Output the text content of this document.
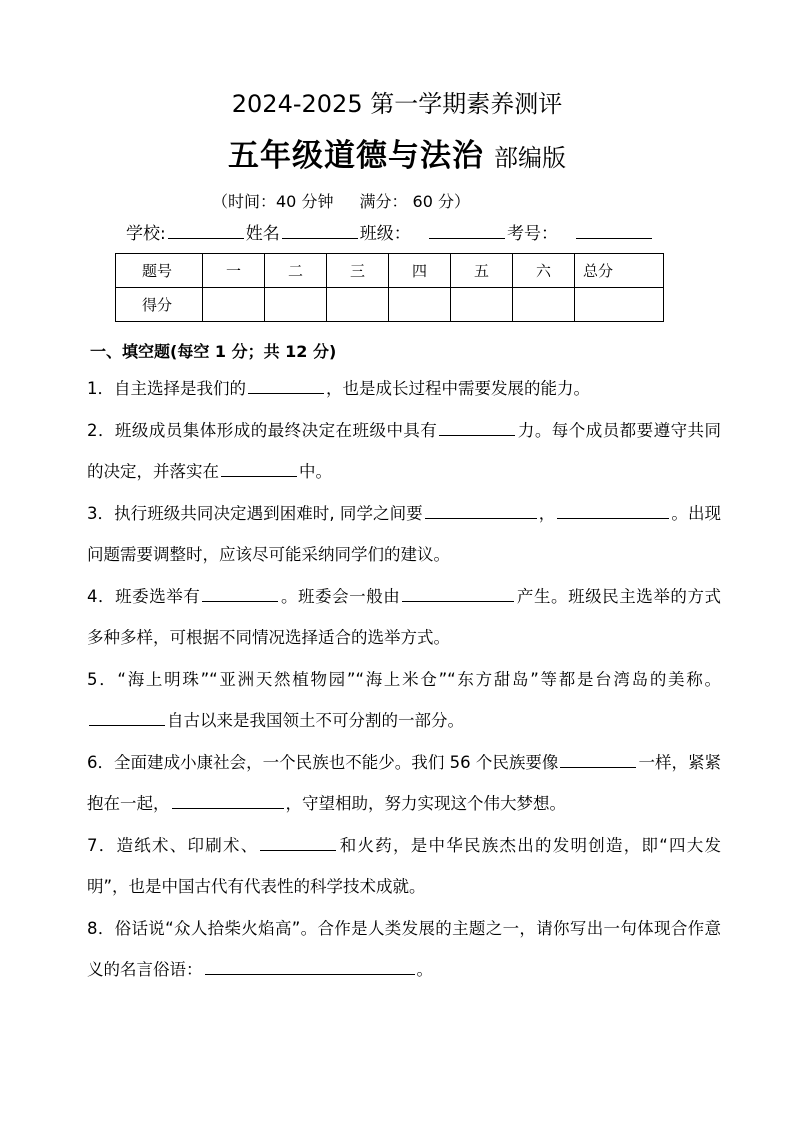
2024-2025 第一学期素养测评
五年级道德与法治 部编版
（时间：40 分钟 满分： 60 分）
学校:	姓名	班级：	考号：
题号	一	二	三	四	五	六	总分
得分							
一、填空题(每空 1 分；共 12 分)
1．自主选择是我们的	，也是成长过程中需要发展的能力。
2．班级成员集体形成的最终决定在班级中具有	力。每个成员都要遵守共同的决定，并落实在	中。
3．执行班级共同决定遇到困难时, 同学之间要	，	。出现问题需要调整时，应该尽可能采纳同学们的建议。
4．班委选举有	。班委会一般由	产生。班级民主选举的方式多种多样，可根据不同情况选择适合的选举方式。
5．“海上明珠”“亚洲天然植物园”“海上米仓”“东方甜岛”等都是台湾岛的美称。自古以来是我国领土不可分割的一部分。
6．全面建成小康社会，一个民族也不能少。我们 56 个民族要像	一样，紧紧抱在一起，	，守望相助，努力实现这个伟大梦想。
7．造纸术、印刷术、	和火药，是中华民族杰出的发明创造，即“四大发明”，也是中国古代有代表性的科学技术成就。
8．俗话说“众人拾柴火焰高”。合作是人类发展的主题之一，请你写出一句体现合作意义的名言俗语：	。
